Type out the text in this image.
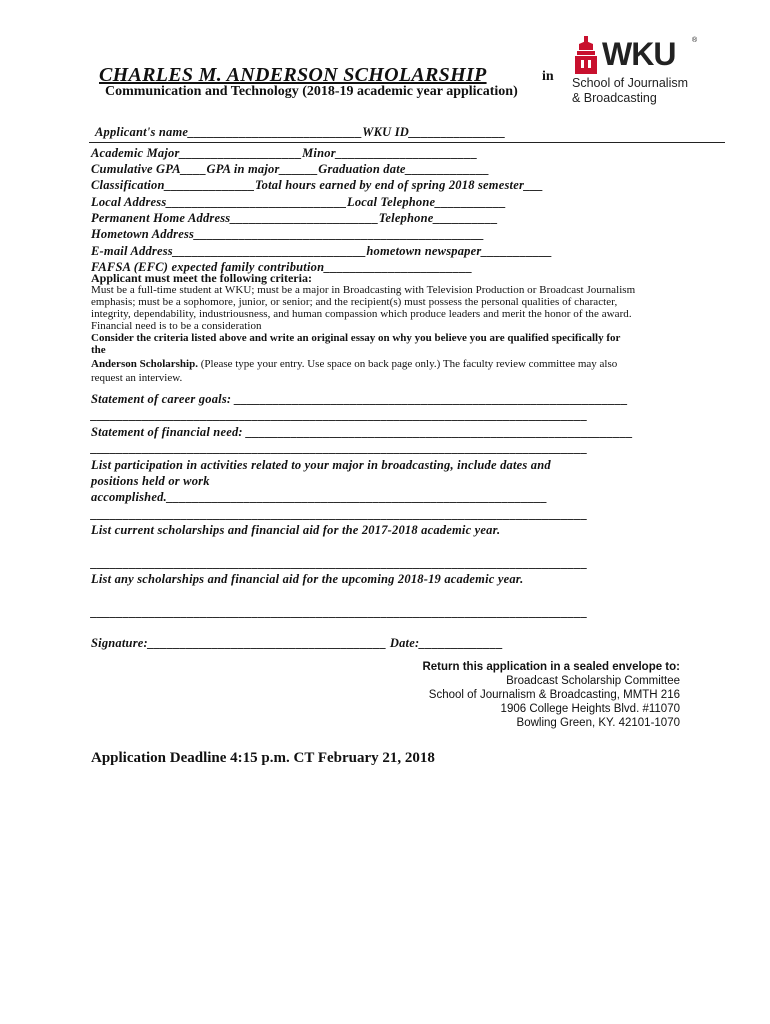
CHARLES M. ANDERSON SCHOLARSHIP	in
Communication and Technology (2018-19 academic year application)
WKU ®
School of Journalism
& Broadcasting
Applicant's name___________________________WKU ID_______________
Academic Major___________________Minor______________________
Cumulative GPA____GPA in major______Graduation date_____________
Classification______________Total hours earned by end of spring 2018 semester___
Local Address____________________________Local Telephone___________
Permanent Home Address_______________________Telephone__________
Hometown Address_____________________________________________
E-mail Address______________________________hometown newspaper___________
FAFSA (EFC) expected family contribution_______________________
Applicant must meet the following criteria:
Must be a full-time student at WKU; must be a major in Broadcasting with Television Production or Broadcast Journalism
emphasis; must be a sophomore, junior, or senior; and the recipient(s) must possess the personal qualities of character,
integrity, dependability, industriousness, and human compassion which produce leaders and merit the honor of the award.
Financial need is to be a consideration
Consider the criteria listed above and write an original essay on why you believe you are qualified specifically for
the
Anderson Scholarship. (Please type your entry. Use space on back page only.) The faculty review committee may also
request an interview.
Statement of career goals: _____________________________________________________________
_____________________________________________________________________________
Statement of financial need: ____________________________________________________________
_____________________________________________________________________________
List participation in activities related to your major in broadcasting, include dates and
positions held or work
accomplished.___________________________________________________________
_____________________________________________________________________________
List current scholarships and financial aid for the 2017-2018 academic year.
_____________________________________________________________________________
List any scholarships and financial aid for the upcoming 2018-19 academic year.
_____________________________________________________________________________
Signature:_____________________________________ Date:_____________
Return this application in a sealed envelope to:
Broadcast Scholarship Committee
School of Journalism & Broadcasting, MMTH 216
1906 College Heights Blvd. #11070
Bowling Green, KY. 42101-1070
Application Deadline 4:15 p.m. CT February 21, 2018
